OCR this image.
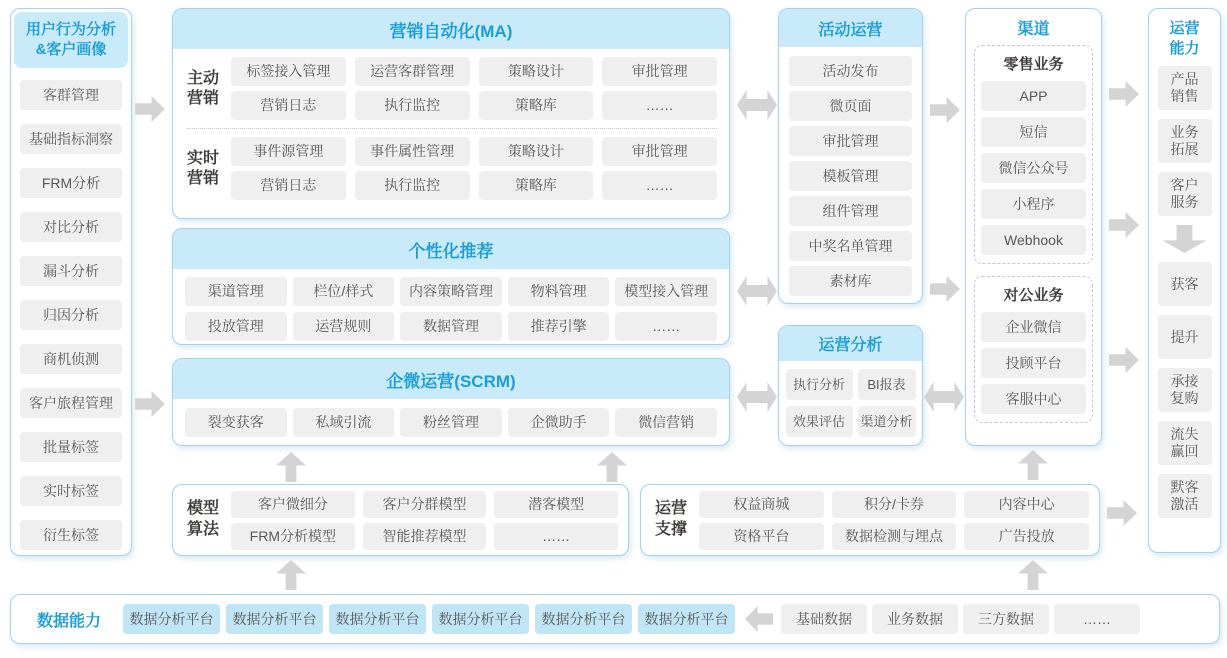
用户行为分析&客户画像
客群管理
基础指标洞察
FRM分析
对比分析
漏斗分析
归因分析
商机侦测
客户旅程管理
批量标签
实时标签
衍生标签
营销自动化(MA)
主动营销
标签接入管理	运营客群管理	策略设计	审批管理
营销日志	执行监控	策略库	……
实时营销
事件源管理	事件属性管理	策略设计	审批管理
营销日志	执行监控	策略库	……
个性化推荐
渠道管理	栏位/样式	内容策略管理	物料管理	模型接入管理
投放管理	运营规则	数据管理	推荐引擎	……
企微运营(SCRM)
裂变获客	私域引流	粉丝管理	企微助手	微信营销
活动运营
活动发布
微页面
审批管理
模板管理
组件管理
中奖名单管理
素材库
运营分析
执行分析	BI报表
效果评估	渠道分析
渠道
零售业务
APP
短信
微信公众号
小程序
Webhook
对公业务
企业微信
投顾平台
客服中心
运营能力
产品销售
业务拓展
客户服务
获客
提升
承接复购
流失赢回
默客激活
模型算法
客户微细分	客户分群模型	潜客模型
FRM分析模型	智能推荐模型	……
运营支撑
权益商城	积分/卡券	内容中心
资格平台	数据检测与埋点	广告投放
数据能力	数据分析平台	数据分析平台	数据分析平台	数据分析平台	数据分析平台	数据分析平台	基础数据	业务数据	三方数据	……
